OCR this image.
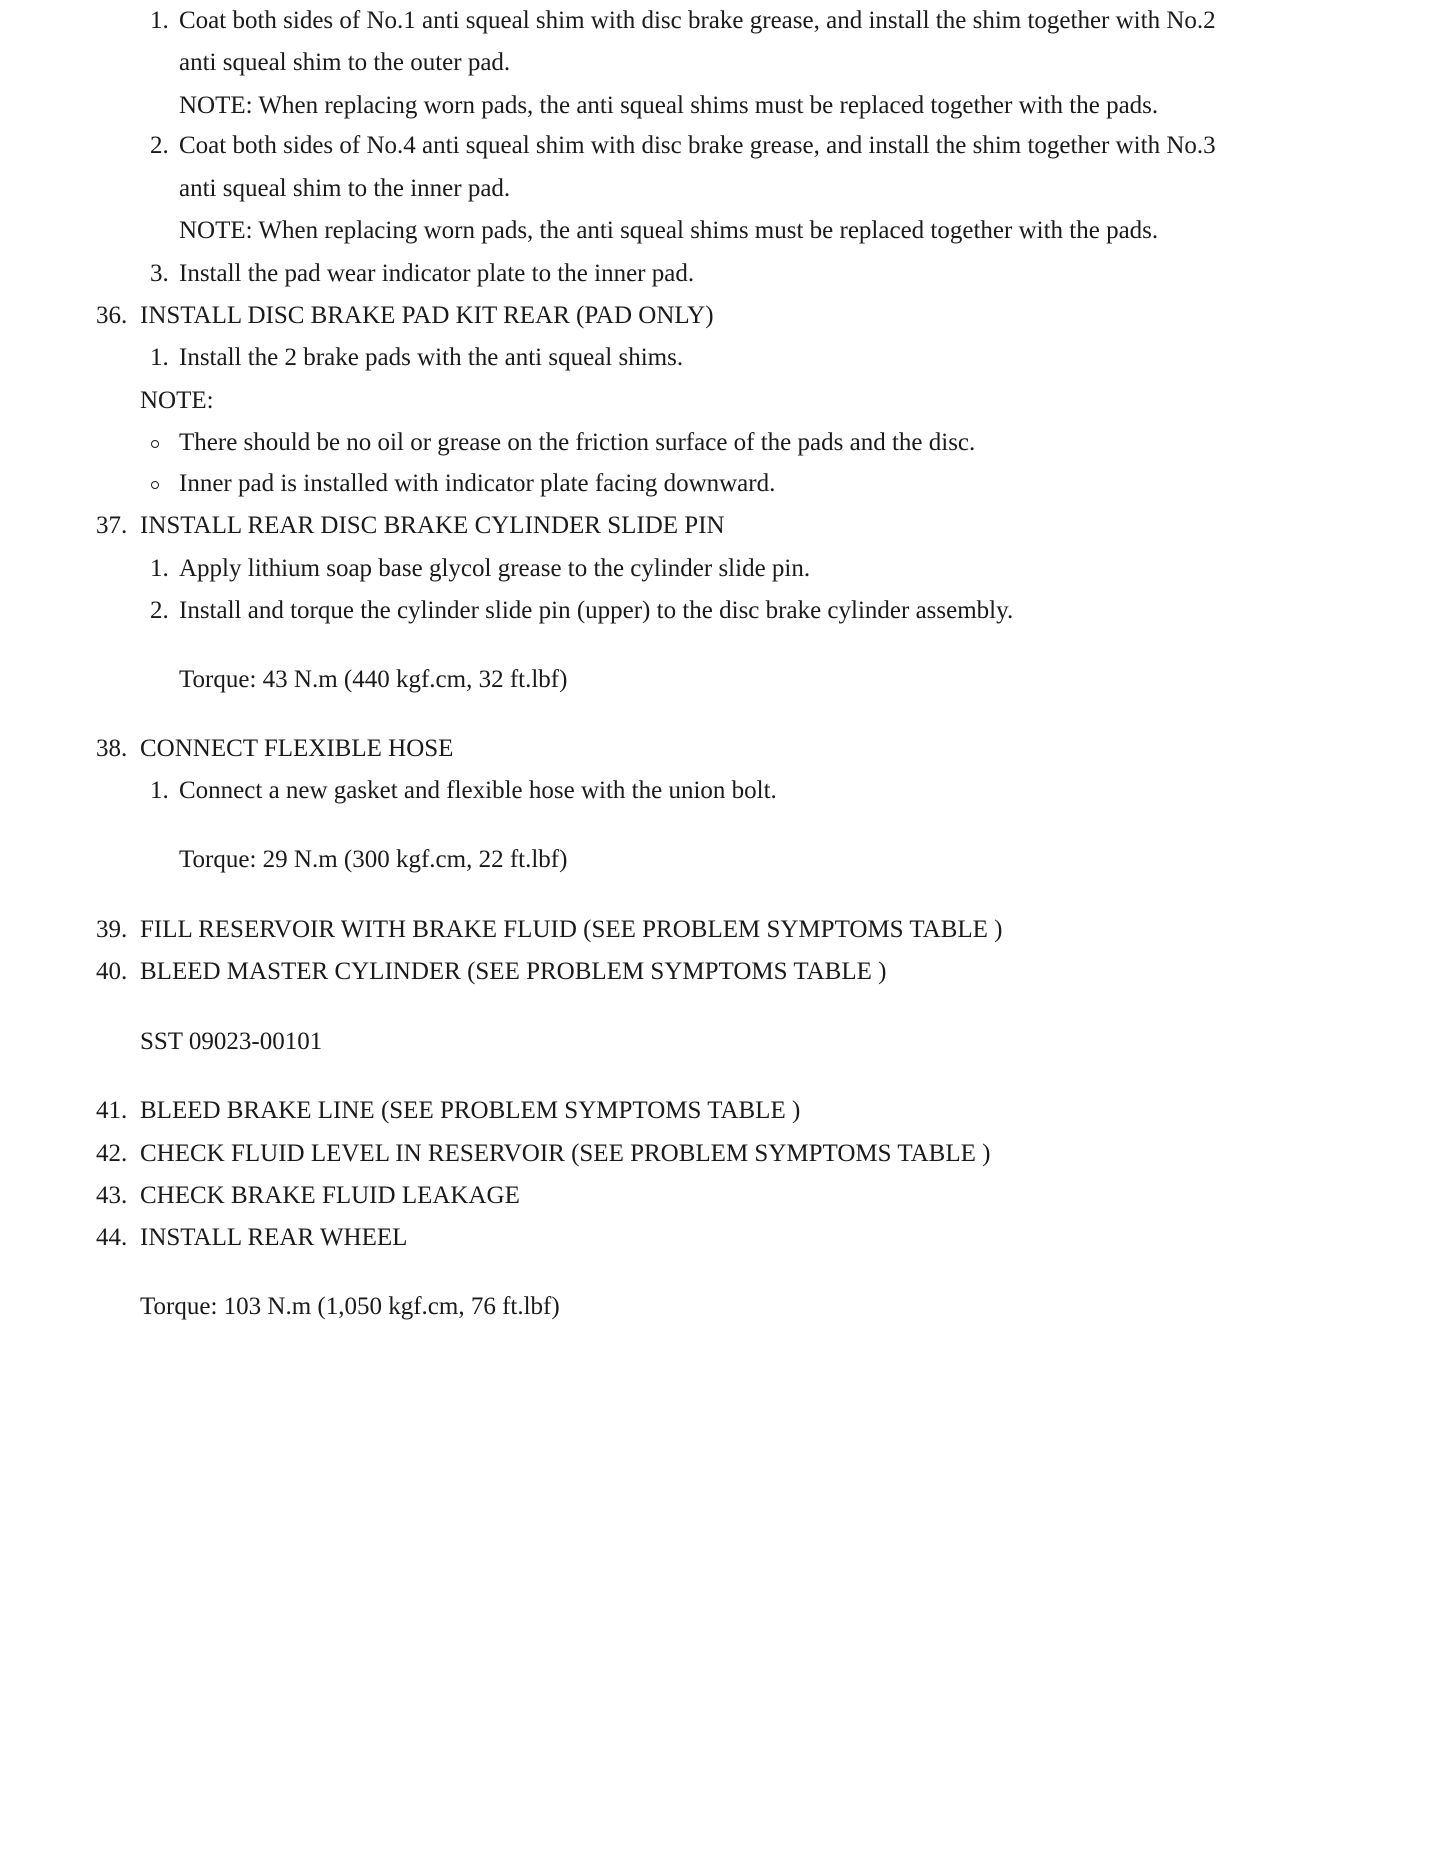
1. Coat both sides of No.1 anti squeal shim with disc brake grease, and install the shim together with No.2
anti squeal shim to the outer pad.
NOTE: When replacing worn pads, the anti squeal shims must be replaced together with the pads.
2. Coat both sides of No.4 anti squeal shim with disc brake grease, and install the shim together with No.3
anti squeal shim to the inner pad.
NOTE: When replacing worn pads, the anti squeal shims must be replaced together with the pads.
3. Install the pad wear indicator plate to the inner pad.
36. INSTALL DISC BRAKE PAD KIT REAR (PAD ONLY)
1. Install the 2 brake pads with the anti squeal shims.
NOTE:
There should be no oil or grease on the friction surface of the pads and the disc.
Inner pad is installed with indicator plate facing downward.
37. INSTALL REAR DISC BRAKE CYLINDER SLIDE PIN
1. Apply lithium soap base glycol grease to the cylinder slide pin.
2. Install and torque the cylinder slide pin (upper) to the disc brake cylinder assembly.
Torque: 43 N.m (440 kgf.cm, 32 ft.lbf)
38. CONNECT FLEXIBLE HOSE
1. Connect a new gasket and flexible hose with the union bolt.
Torque: 29 N.m (300 kgf.cm, 22 ft.lbf)
39. FILL RESERVOIR WITH BRAKE FLUID (SEE PROBLEM SYMPTOMS TABLE )
40. BLEED MASTER CYLINDER (SEE PROBLEM SYMPTOMS TABLE )
SST 09023-00101
41. BLEED BRAKE LINE (SEE PROBLEM SYMPTOMS TABLE )
42. CHECK FLUID LEVEL IN RESERVOIR (SEE PROBLEM SYMPTOMS TABLE )
43. CHECK BRAKE FLUID LEAKAGE
44. INSTALL REAR WHEEL
Torque: 103 N.m (1,050 kgf.cm, 76 ft.lbf)
